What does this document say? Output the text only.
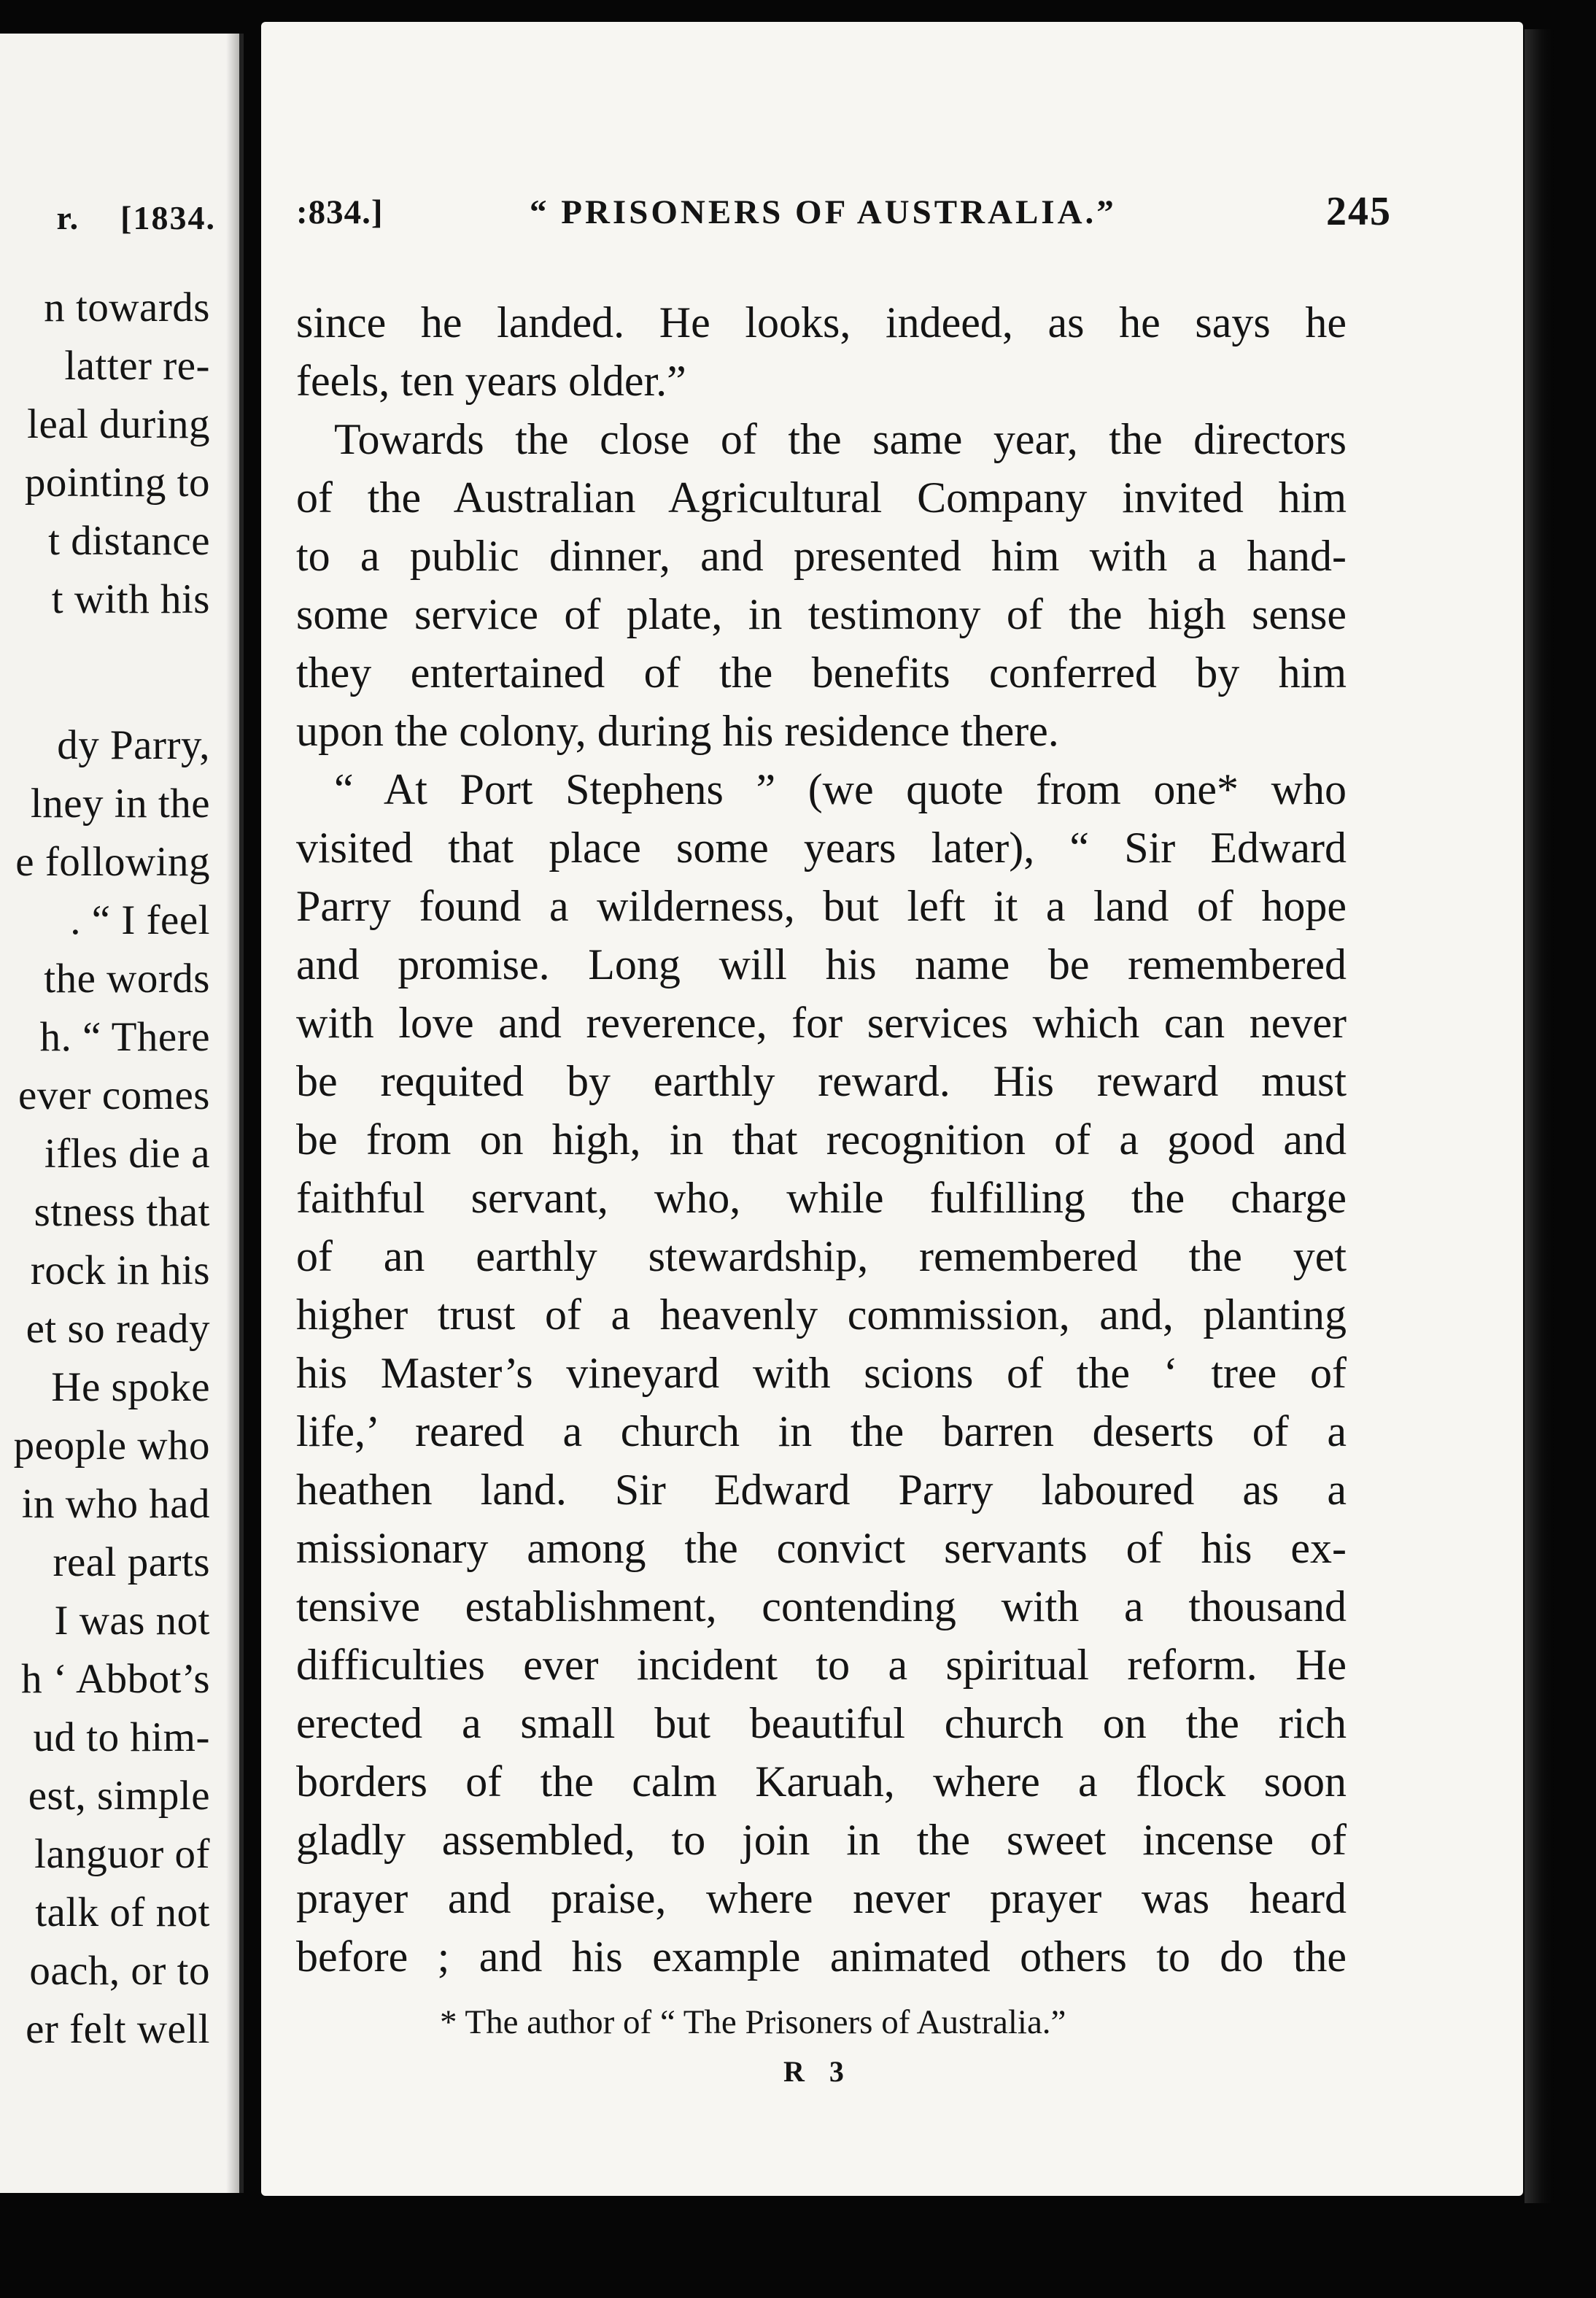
r. [1834.
n towards
latter re-
leal during
pointing to
t distance
t with his
dy Parry,
lney in the
e following
. “ I feel
the words
h. “ There
ever comes
ifles die a
stness that
rock in his
et so ready
He spoke
people who
in who had
real parts
I was not
h ‘ Abbot’s
ud to him-
est, simple
languor of
talk of not
oach, or to
er felt well
:834.]	“ PRISONERS OF AUSTRALIA.”	245
since he landed. He looks, indeed, as he says he
feels, ten years older.”
Towards the close of the same year, the directors
of the Australian Agricultural Company invited him
to a public dinner, and presented him with a hand-
some service of plate, in testimony of the high sense
they entertained of the benefits conferred by him
upon the colony, during his residence there.
“ At Port Stephens ” (we quote from one* who
visited that place some years later), “ Sir Edward
Parry found a wilderness, but left it a land of hope
and promise. Long will his name be remembered
with love and reverence, for services which can never
be requited by earthly reward. His reward must
be from on high, in that recognition of a good and
faithful servant, who, while fulfilling the charge
of an earthly stewardship, remembered the yet
higher trust of a heavenly commission, and, planting
his Master’s vineyard with scions of the ‘ tree of
life,’ reared a church in the barren deserts of a
heathen land. Sir Edward Parry laboured as a
missionary among the convict servants of his ex-
tensive establishment, contending with a thousand
difficulties ever incident to a spiritual reform. He
erected a small but beautiful church on the rich
borders of the calm Karuah, where a flock soon
gladly assembled, to join in the sweet incense of
prayer and praise, where never prayer was heard
before ; and his example animated others to do the
* The author of “ The Prisoners of Australia.”
R 3
